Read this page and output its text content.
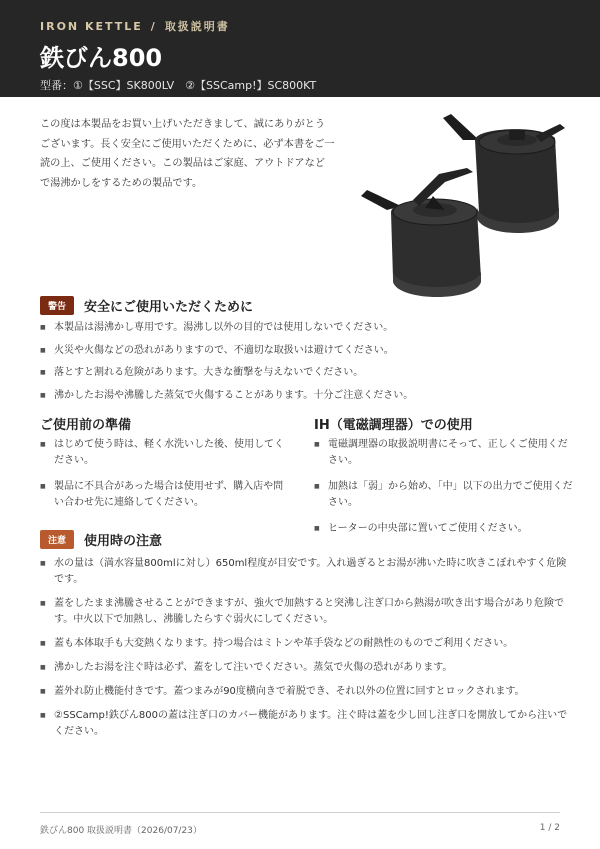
IRON KETTLE / 取扱説明書
鉄びん800
型番：①【SSC】SK800LV　②【SSCamp!】SC800KT

この度は本製品をお買い上げいただきまして、誠にありがとうございます。長く安全にご使用いただくために、必ず本書をご一読の上、ご使用ください。この製品はご家庭、アウトドアなどで湯沸かしをするための製品です。

警告	安全にご使用いただくために
■ 本製品は湯沸かし専用です。湯沸し以外の目的では使用しないでください。
■ 火災や火傷などの恐れがありますので、不適切な取扱いは避けてください。
■ 落とすと割れる危険があります。大きな衝撃を与えないでください。
■ 沸かしたお湯や沸騰した蒸気で火傷することがあります。十分ご注意ください。
ご使用前の準備
■ はじめて使う時は、軽く水洗いした後、使用してください。
■ 製品に不具合があった場合は使用せず、購入店や問い合わせ先に連絡してください。
IH（電磁調理器）での使用
■ 電磁調理器の取扱説明書にそって、正しくご使用ください。
■ 加熱は「弱」から始め、「中」以下の出力でご使用ください。
■ ヒーターの中央部に置いてご使用ください。
注意	使用時の注意
■ 水の量は（満水容量800mlに対し）650ml程度が目安です。入れ過ぎるとお湯が沸いた時に吹きこぼれやすく危険です。
■ 蓋をしたまま沸騰させることができますが、強火で加熱すると突沸し注ぎ口から熱湯が吹き出す場合があり危険です。中火以下で加熱し、沸騰したらすぐ弱火にしてください。
■ 蓋も本体取手も大変熱くなります。持つ場合はミトンや革手袋などの耐熱性のものでご利用ください。
■ 沸かしたお湯を注ぐ時は必ず、蓋をして注いでください。蒸気で火傷の恐れがあります。
■ 蓋外れ防止機能付きです。蓋つまみが90度横向きで着脱でき、それ以外の位置に回すとロックされます。
■ ②SSCamp!鉄びん800の蓋は注ぎ口のカバー機能があります。注ぐ時は蓋を少し回し注ぎ口を開放してから注いでください。
鉄びん800 取扱説明書（2026/07/23）	1 / 2
